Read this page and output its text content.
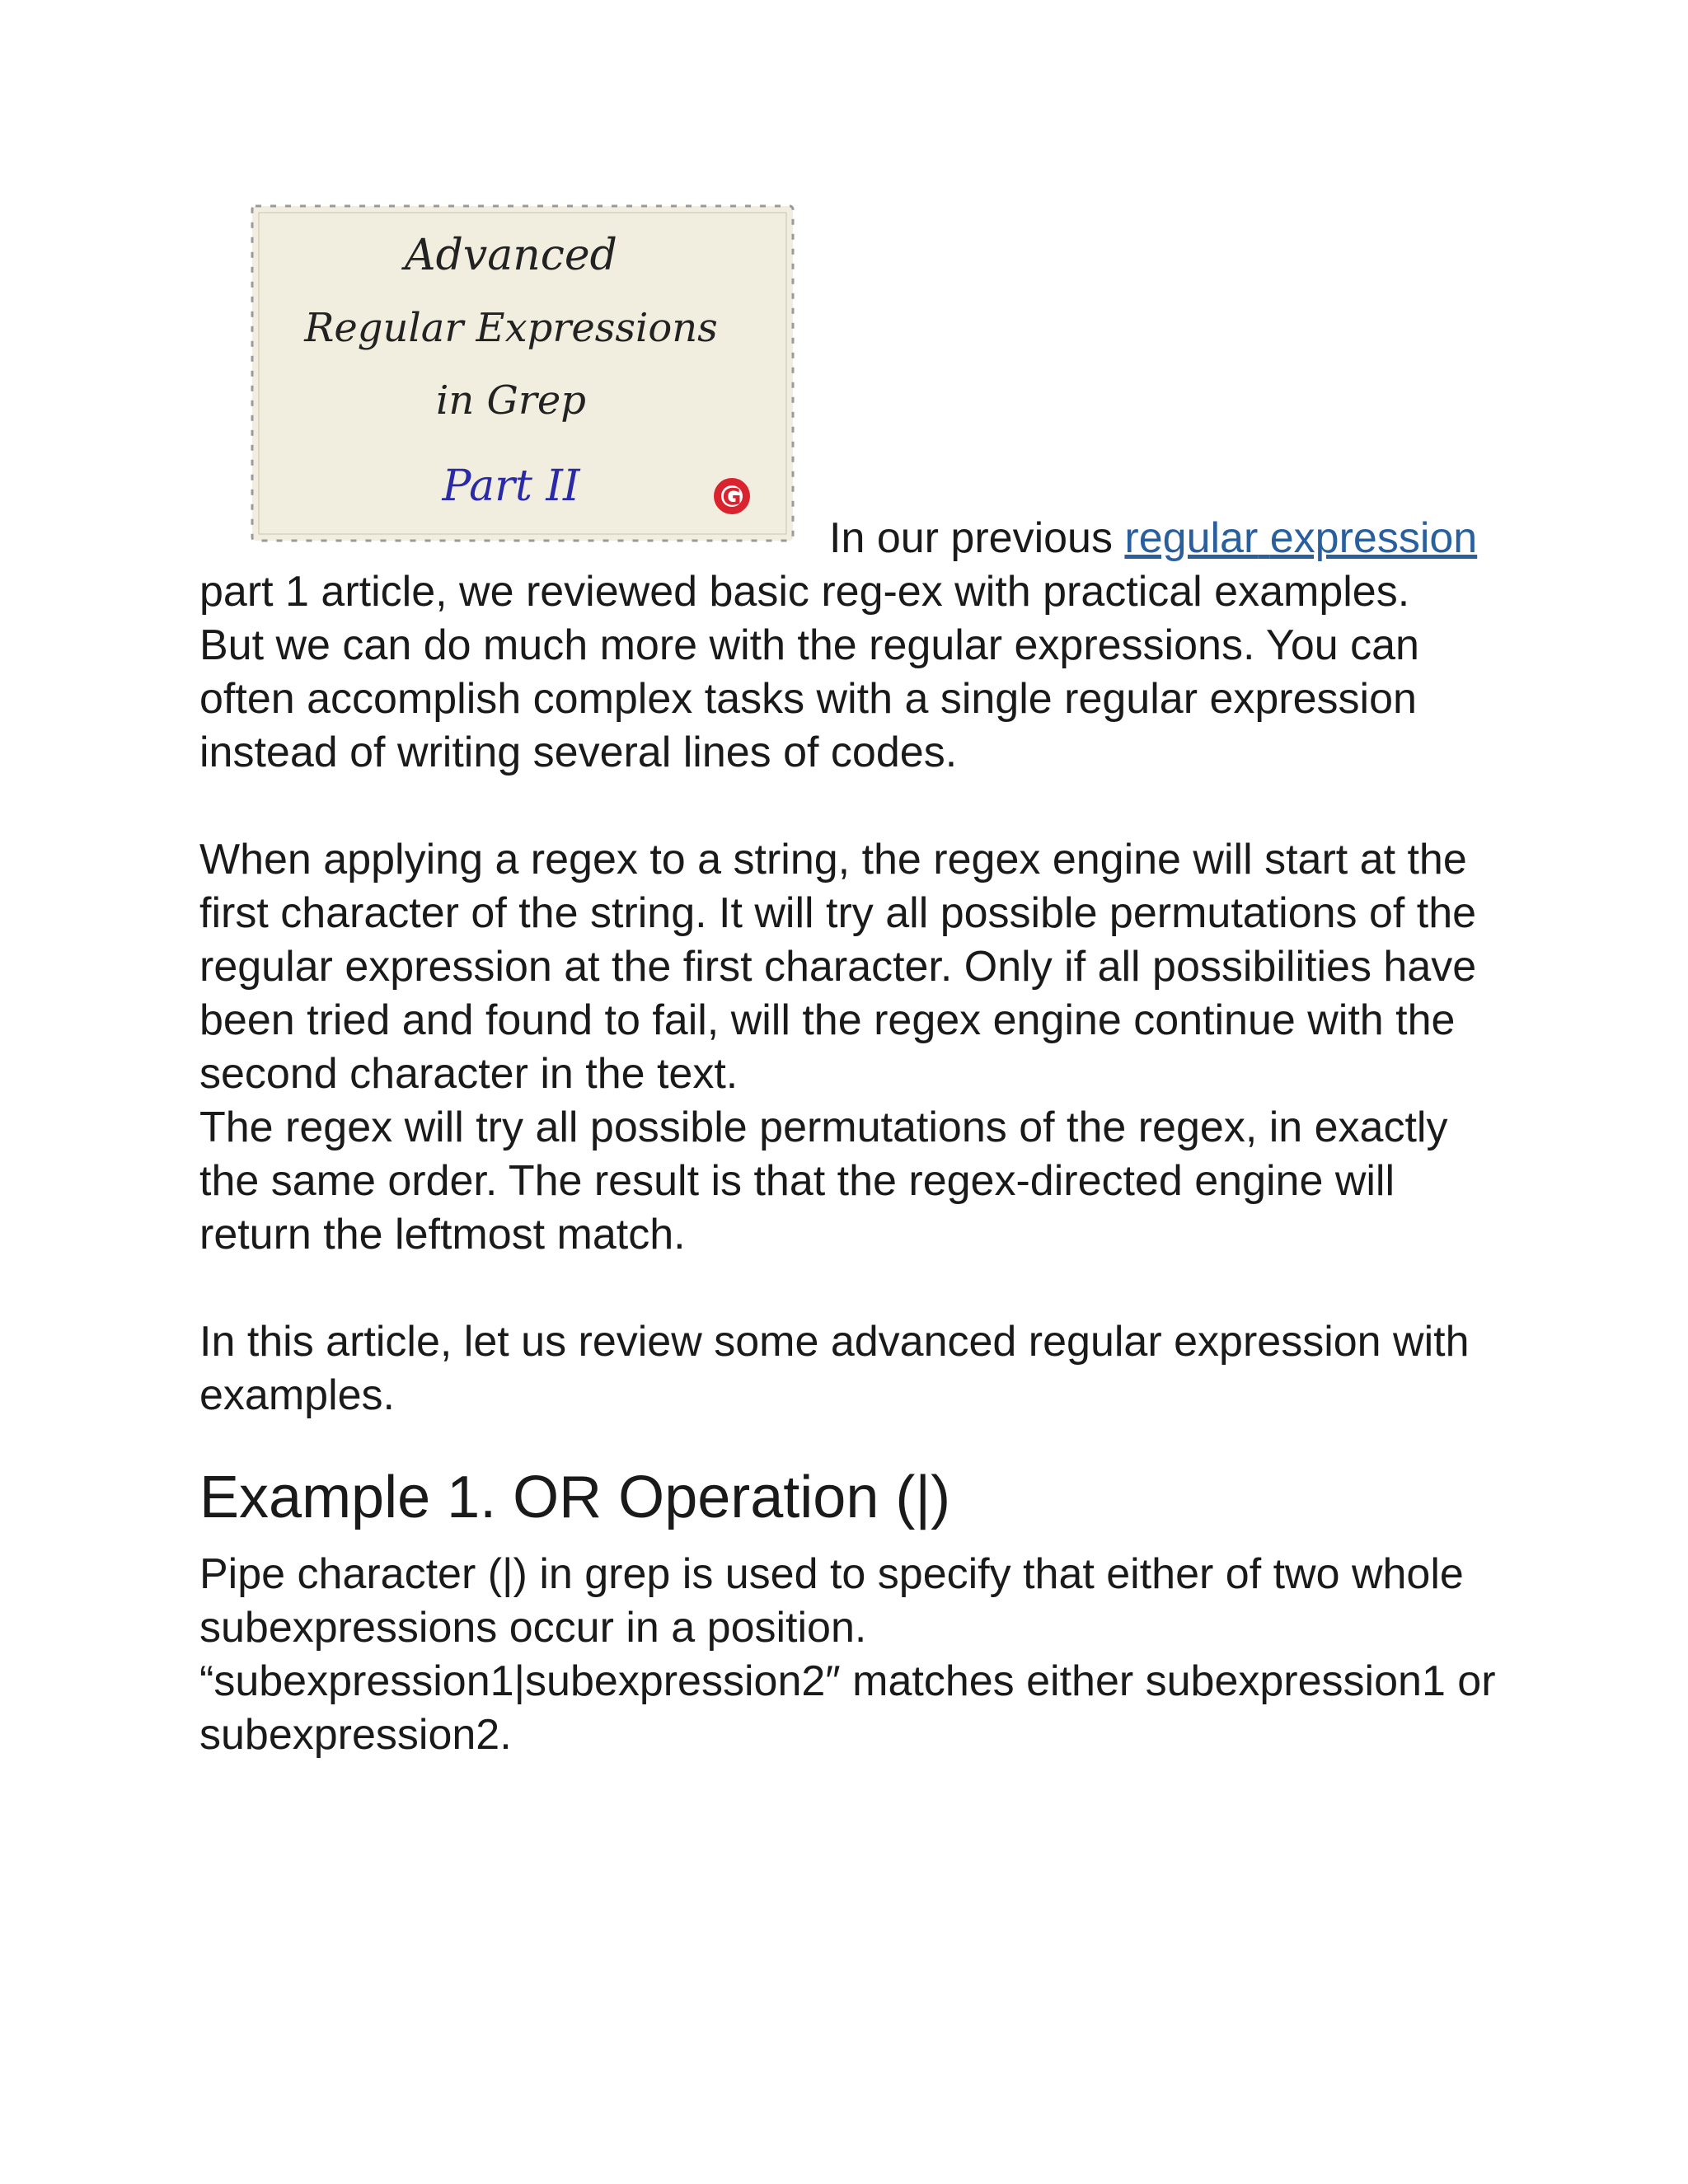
G
Advanced
Regular Expressions
in Grep
Part II
In our previous regular expression part 1 article, we reviewed basic reg-ex with practical examples.

But we can do much more with the regular expressions. You can often accomplish complex tasks with a single regular expression instead of writing several lines of codes.

When applying a regex to a string, the regex engine will start at the first character of the string. It will try all possible permutations of the regular expression at the first character. Only if all possibilities have been tried and found to fail, will the regex engine continue with the second character in the text.

The regex will try all possible permutations of the regex, in exactly the same order. The result is that the regex-directed engine will return the leftmost match.

In this article, let us review some advanced regular expression with examples.

Example 1. OR Operation (|)

Pipe character (|) in grep is used to specify that either of two whole subexpressions occur in a position. “subexpression1|subexpression2″ matches either subexpression1 or subexpression2.
